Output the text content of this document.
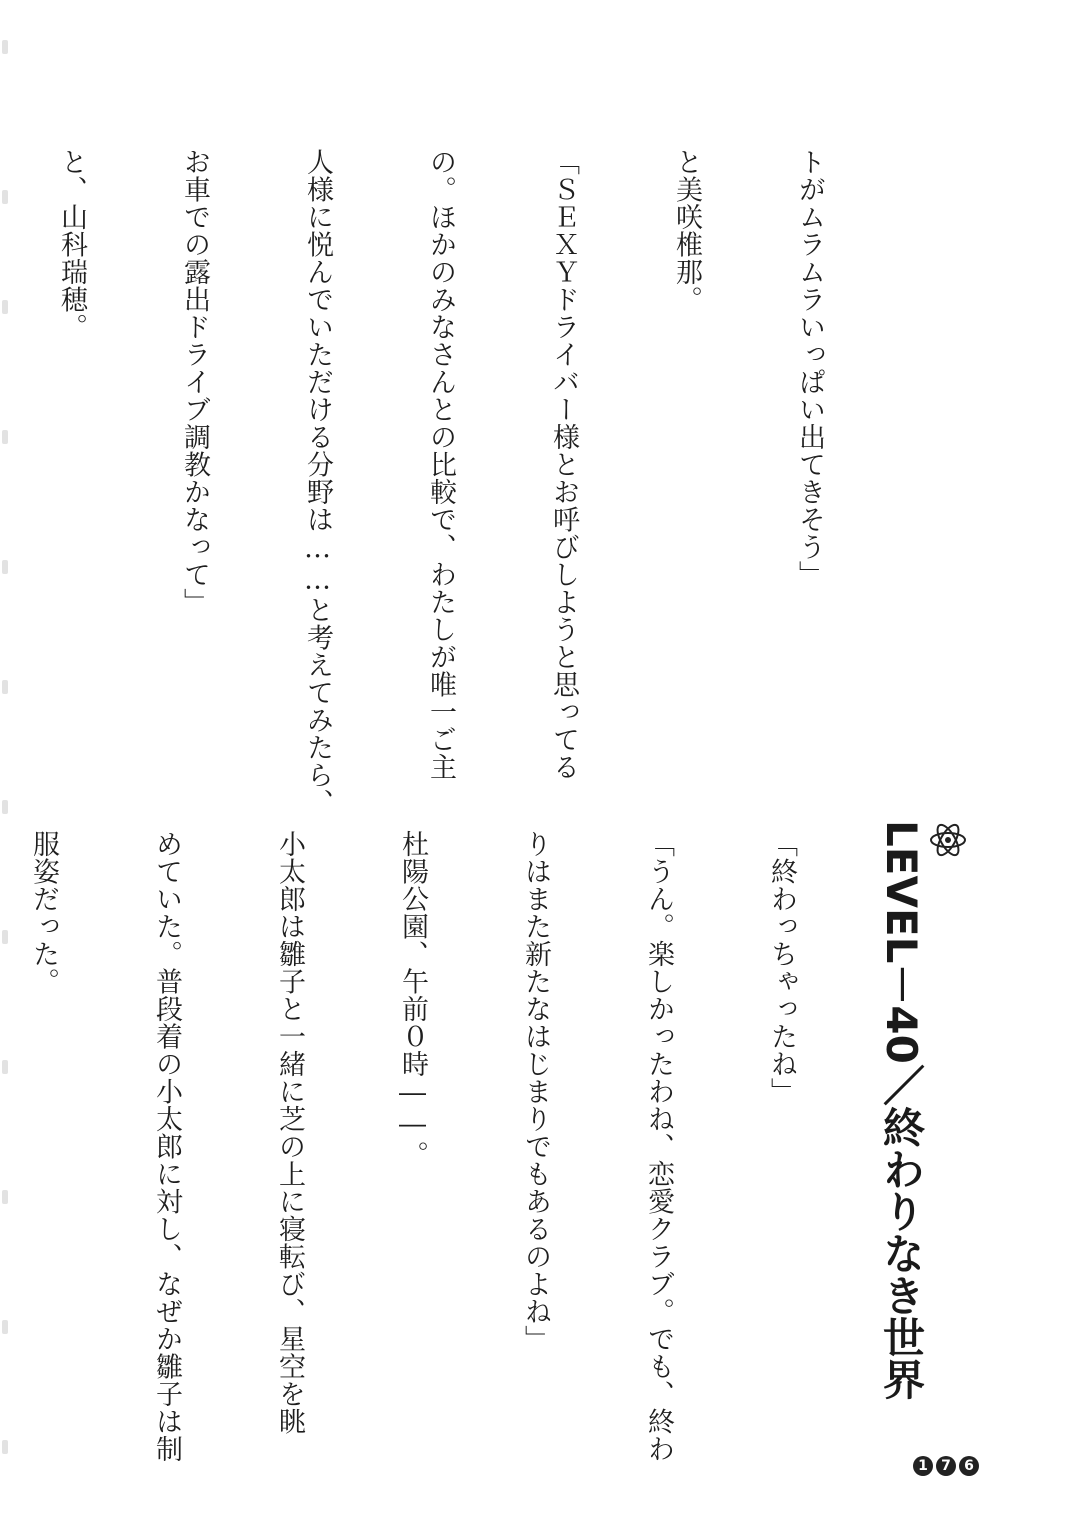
トがムラムラいっぱい出てきそう」

と美咲椎那。

「ＳＥＸＹドライバー様とお呼びしようと思ってる

の。ほかのみなさんとの比較で、わたしが唯一ご主

人様に悦んでいただける分野は……と考えてみたら、

お車での露出ドライブ調教かなって」

と、山科瑞穂。

LEVEL－40／終わりなき世界

「終わっちゃったね」

「うん。楽しかったわね、恋愛クラブ。でも、終わ

りはまた新たなはじまりでもあるのよね」

杜陽公園、午前０時――。

小太郎は雛子と一緒に芝の上に寝転び、星空を眺

めていた。普段着の小太郎に対し、なぜか雛子は制

服姿だった。

1 7 6
